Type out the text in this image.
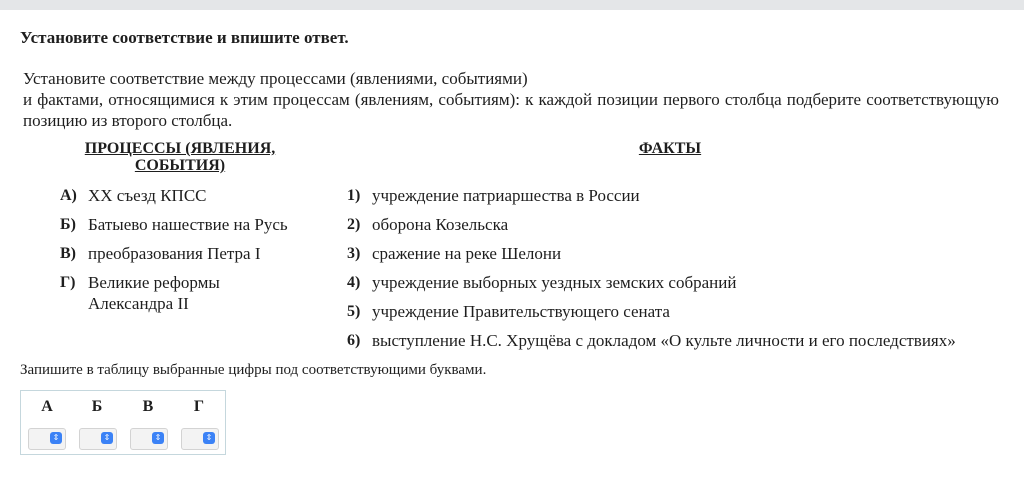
Установите соответствие и впишите ответ.
Установите соответствие между процессами (явлениями, событиями)
и фактами, относящимися к этим процессам (явлениям, событиям): к каждой позиции первого столбца подберите соответствующую позицию из второго столбца.
ПРОЦЕССЫ (ЯВЛЕНИЯ, СОБЫТИЯ)
ФАКТЫ
А) XX съезд КПСС
Б) Батыево нашествие на Русь
В) преобразования Петра I
Г) Великие реформы
Александра II
1) учреждение патриаршества в России
2) оборона Козельска
3) сражение на реке Шелони
4) учреждение выборных уездных земских собраний
5) учреждение Правительствующего сената
6) выступление Н.С. Хрущёва с докладом «О культе личности и его последствиях»
Запишите в таблицу выбранные цифры под соответствующими буквами.
А	Б	В	Г
⇕	⇕	⇕	⇕
